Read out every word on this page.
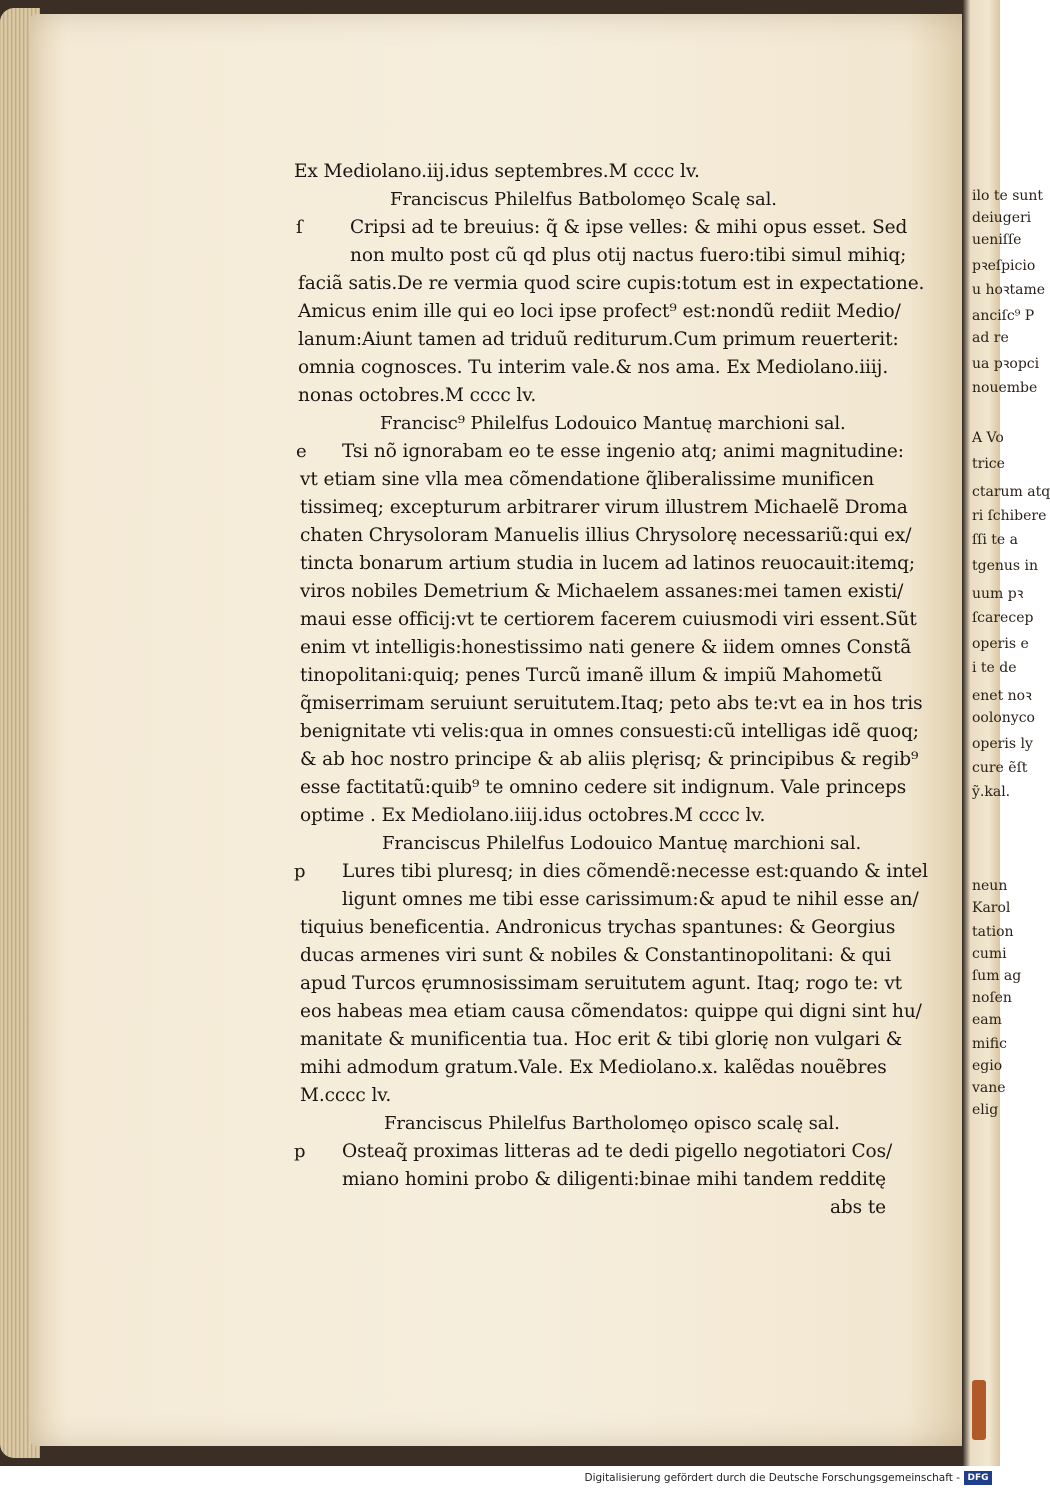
ilo te sunt
deiugeri
ueniſſe
pꝛeſpicio
u hoꝛtame
anciſc⁹ P
ad re
ua pꝛopci
nouembe
A Vo
trice
ctarum atq
ri ſchibere
ſſi te a
tgenus in
uum pꝛ
ſcarecep
operis e
i te de
enet noꝛ
oolonyco
operis ly
cure ẽſt
ỹ.kal.
neun
Karol
tation
cumi
ſum ag
noſen
eam
mific
egio
vane
elig
Ex Mediolano.iij.idus septembres.M cccc lv.
Franciscus Philelfus Batbolomęo Scalę sal.
ſ	Cripsi ad te breuius: q̃ & ipse velles: & mihi opus esset. Sed
non multo post cũ qd plus otij nactus fuero:tibi simul mihiq;
faciã satis.De re vermia quod scire cupis:totum est in expectatione.
Amicus enim ille qui eo loci ipse profect⁹ est:nondũ rediit Medio/
lanum:Aiunt tamen ad triduũ rediturum.Cum primum reuerterit:
omnia cognosces. Tu interim vale.& nos ama. Ex Mediolano.iiij.
nonas octobres.M cccc lv.
Francisc⁹ Philelfus Lodouico Mantuę marchioni sal.
e Tsi nõ ignorabam eo te esse ingenio atq; animi magnitudine:
vt etiam sine vlla mea cõmendatione q̃liberalissime munificen
tissimeq; excepturum arbitrarer virum illustrem Michaelẽ Droma
chaten Chrysoloram Manuelis illius Chrysolorę necessariũ:qui ex/
tincta bonarum artium studia in lucem ad latinos reuocauit:itemq;
viros nobiles Demetrium & Michaelem assanes:mei tamen existi/
maui esse officij:vt te certiorem facerem cuiusmodi viri essent.Sũt
enim vt intelligis:honestissimo nati genere & iidem omnes Constã
tinopolitani:quiq; penes Turcũ imanẽ illum & impiũ Mahometũ
q̃miserrimam seruiunt seruitutem.Itaq; peto abs te:vt ea in hos tris
benignitate vti velis:qua in omnes consuesti:cũ intelligas idẽ quoq;
& ab hoc nostro principe & ab aliis plęrisq; & principibus & regib⁹
esse factitatũ:quib⁹ te omnino cedere sit indignum. Vale princeps
optime . Ex Mediolano.iiij.idus octobres.M cccc lv.
Franciscus Philelfus Lodouico Mantuę marchioni sal.
p Lures tibi pluresq; in dies cõmendẽ:necesse est:quando & intel
ligunt omnes me tibi esse carissimum:& apud te nihil esse an/
tiquius beneficentia. Andronicus trychas spantunes: & Georgius
ducas armenes viri sunt & nobiles & Constantinopolitani: & qui
apud Turcos ęrumnosissimam seruitutem agunt. Itaq; rogo te: vt
eos habeas mea etiam causa cõmendatos: quippe qui digni sint hu/
manitate & munificentia tua. Hoc erit & tibi glorię non vulgari &
mihi admodum gratum.Vale. Ex Mediolano.x. kalẽdas nouẽbres
M.cccc lv.
Franciscus Philelfus Bartholomęo opisco scalę sal.
p Osteaq̃ proximas litteras ad te dedi pigello negotiatori Cos/
miano homini probo & diligenti:binae mihi tandem redditę
abs te
Digitalisierung gefördert durch die Deutsche Forschungsgemeinschaft - DFG
